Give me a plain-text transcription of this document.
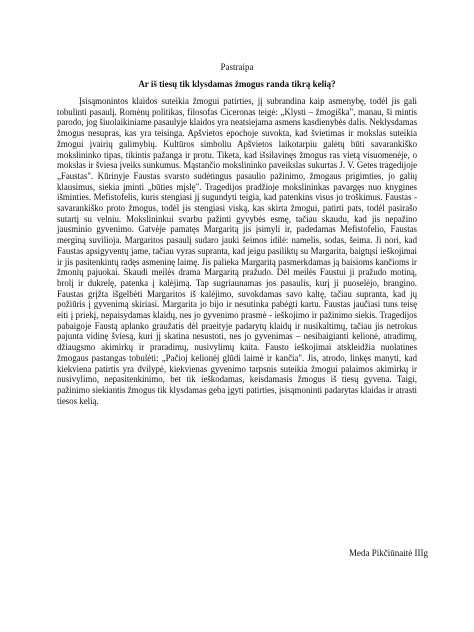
Pastraipa
Ar iš tiesų tik klysdamas žmogus randa tikrą kelią?

Įsisąmonintos klaidos suteikia žmogui patirties, jį subrandina kaip asmenybę, todėl jis gali tobulinti pasaulį. Romėnų politikas, filosofas Ciceronas teigė: „Klysti – žmogiška", manau, ši mintis parodo, jog šiuolaikiniame pasaulyje klaidos yra neatsiejama asmens kasdienybės dalis. Neklysdamas žmogus nesupras, kas yra teisinga. Apšvietos epochoje suvokta, kad švietimas ir mokslas suteikia žmogui įvairių galimybių. Kultūros simboliu Apšvietos laikotarpiu galėtų būti savarankiško mokslininko tipas, tikintis pažanga ir protu. Tiketa, kad išsilavinęs žmogus ras vietą visuomenėje, o mokslas ir šviesa įveiks sunkumus. Mąstančio mokslininko paveikslas sukurtas J. V. Getes tragedijoje „Faustas". Kūrinyje Faustas svarsto sudėtingus pasaulio pažinimo, žmogaus prigimties, jo galių klausimus, siekia įminti „būties mįslę". Tragedijos pradžioje mokslininkas pavargęs nuo knygines išminties. Mefistofelis, kuris stengiasi jį sugundyti teigia, kad patenkins visus jo troškimus. Faustas - savarankiško proto žmogus, todėl jis stengiasi viską, kas skirta žmogui, patirti pats, todėl pasirašo sutartį su velniu. Mokslininkui svarbu pažinti gyvybės esmę, tačiau skaudu, kad jis nepažino jausminio gyvenimo. Gatvėje pamatęs Margaritą jis įsimyli ir, padedamas Mefistofelio, Faustas merginą suviliojа. Margaritos pasaulį sudaro jauki šeimos idilė: namelis, sodas, šeima. Ji nori, kad Faustas apsigyventų jame, tačiau vyras supranta, kad jeigu pasiliktų su Margarita, baigtųsi ieškojimai ir jis pasitenkintų radęs asmeninę laimę. Jis palieka Margaritą pasmerkdamas ją baisioms kančioms ir žmonių pajuokai. Skaudi meilės drama Margaritą pražudo. Dėl meilės Faustui ji pražudo motiną, brolį ir dukrelę, patenka į kalėjimą. Tap sugriaunamas jos pasaulis, kurį ji puoselėjo, brangino. Faustas grįžta išgelbėti Margaritos iš kalėjimo, suvokdamas savo kaltę, tačiau supranta, kad jų požiūris į gyvenimą skiriasi. Margarita jo bijo ir nesutinka pabėgti kartu. Faustas jaučiasi tuns teisę eiti į priekį, nepaisydamas klaidų, nes jo gyvenimo prasmė - ieškojimo ir pažinimo siekis. Tragedijos pabaigoje Faustą aplanko graužatis dėl praeityje padarytų klaidų ir nusikaltimų, tačiau jis netrokus pajunta vidinę šviesą, kuri jį skatina nesustoti, nes jo gyvenimas – nesibaigianti kelionė, atradimų, džiaugsmo akimirkų ir praradimų, nusivylimų kaita. Fausto ieškojimai atskleidžia nuolatines žmogaus pastangas tobulėti: „Pačioj kelionėj glūdi laimė ir kančia". Jis, atrodo, linkęs manyti, kad kiekviena patirtis yra dvilypė, kiekvienas gyvenimo tarpsnis suteikia žmogui palaimos akimirkų ir nusivylimo, nepasitenkinimo, bet tik ieškodamas, keisdamasis žmogus iš tiesų gyvena. Taigi, pažinimo siekiantis žmogus tik klysdamas geba įgyti patirties, įsisąmoninti padarytas klaidas ir atrasti tiesos kelią.

Meda Pikčiūnaitė IIIg
